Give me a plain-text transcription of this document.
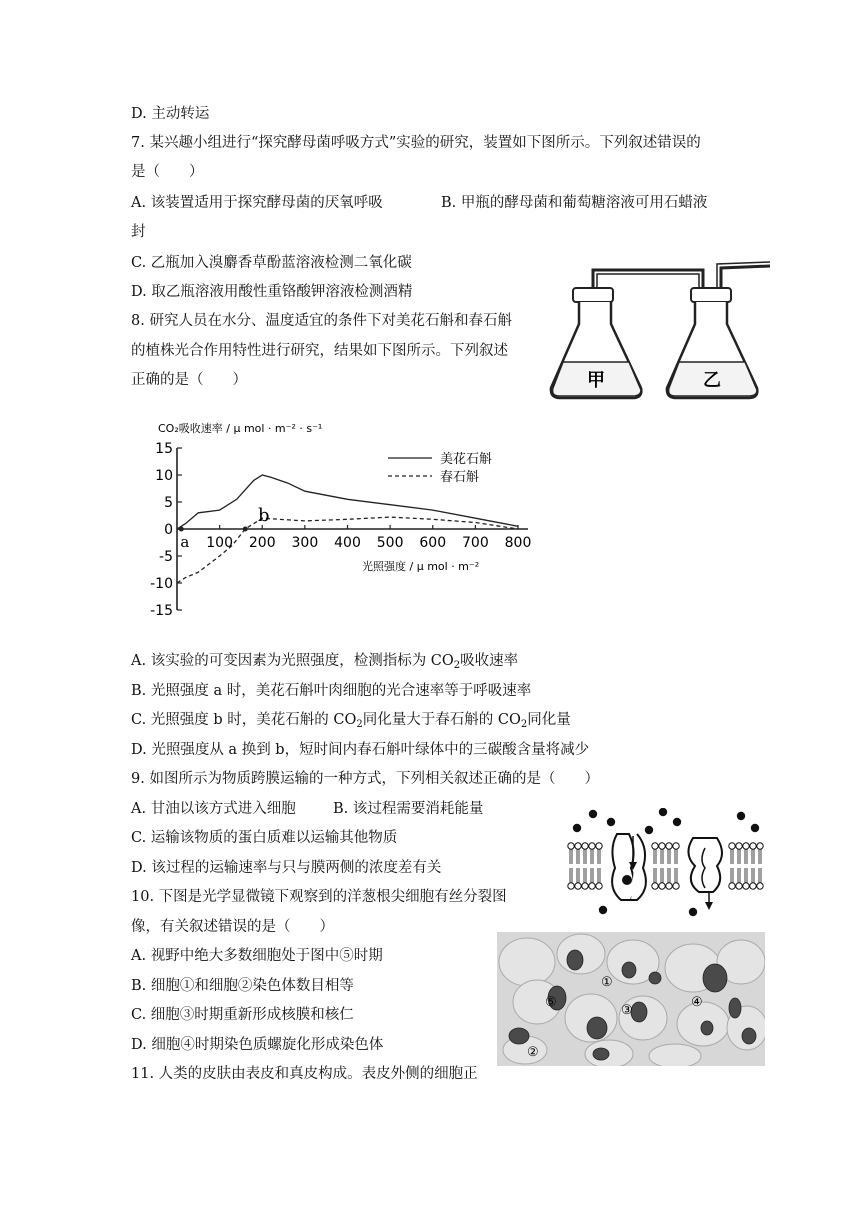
D. 主动转运
7. 某兴趣小组进行“探究酵母菌呼吸方式”实验的研究，装置如下图所示。下列叙述错误的
是（　　）
A. 该装置适用于探究酵母菌的厌氧呼吸	B. 甲瓶的酵母菌和葡萄糖溶液可用石蜡液
封
C. 乙瓶加入溴麝香草酚蓝溶液检测二氧化碳
D. 取乙瓶溶液用酸性重铬酸钾溶液检测酒精
8. 研究人员在水分、温度适宜的条件下对美花石斛和春石斛
的植株光合作用特性进行研究，结果如下图所示。下列叙述
正确的是（　　）
A. 该实验的可变因素为光照强度，检测指标为 $CO_2$吸收速率
B. 光照强度 a 时，美花石斛叶肉细胞的光合速率等于呼吸速率
C. 光照强度 b 时，美花石斛的 $CO_2$同化量大于春石斛的 $CO_2$同化量
D. 光照强度从 a 换到 b，短时间内春石斛叶绿体中的三碳酸含量将减少
9. 如图所示为物质跨膜运输的一种方式，下列相关叙述正确的是（　　）
A. 甘油以该方式进入细胞	B. 该过程需要消耗能量
C. 运输该物质的蛋白质难以运输其他物质
D. 该过程的运输速率与只与膜两侧的浓度差有关
10. 下图是光学显微镜下观察到的洋葱根尖细胞有丝分裂图
像，有关叙述错误的是（　　）
A. 视野中绝大多数细胞处于图中⑤时期
B. 细胞①和细胞②染色体数目相等
C. 细胞③时期重新形成核膜和核仁
D. 细胞④时期染色质螺旋化形成染色体
11. 人类的皮肤由表皮和真皮构成。表皮外侧的细胞正
甲	乙
CO₂吸收速率 / μ mol · m⁻² · s⁻¹
光照强度 / μ mol · m⁻²
15
10
5
0
-5
-10
-15
100 200 300 400 500 600 700 800
美花石斛
春石斛
a
b
①
②
③
④
⑤
